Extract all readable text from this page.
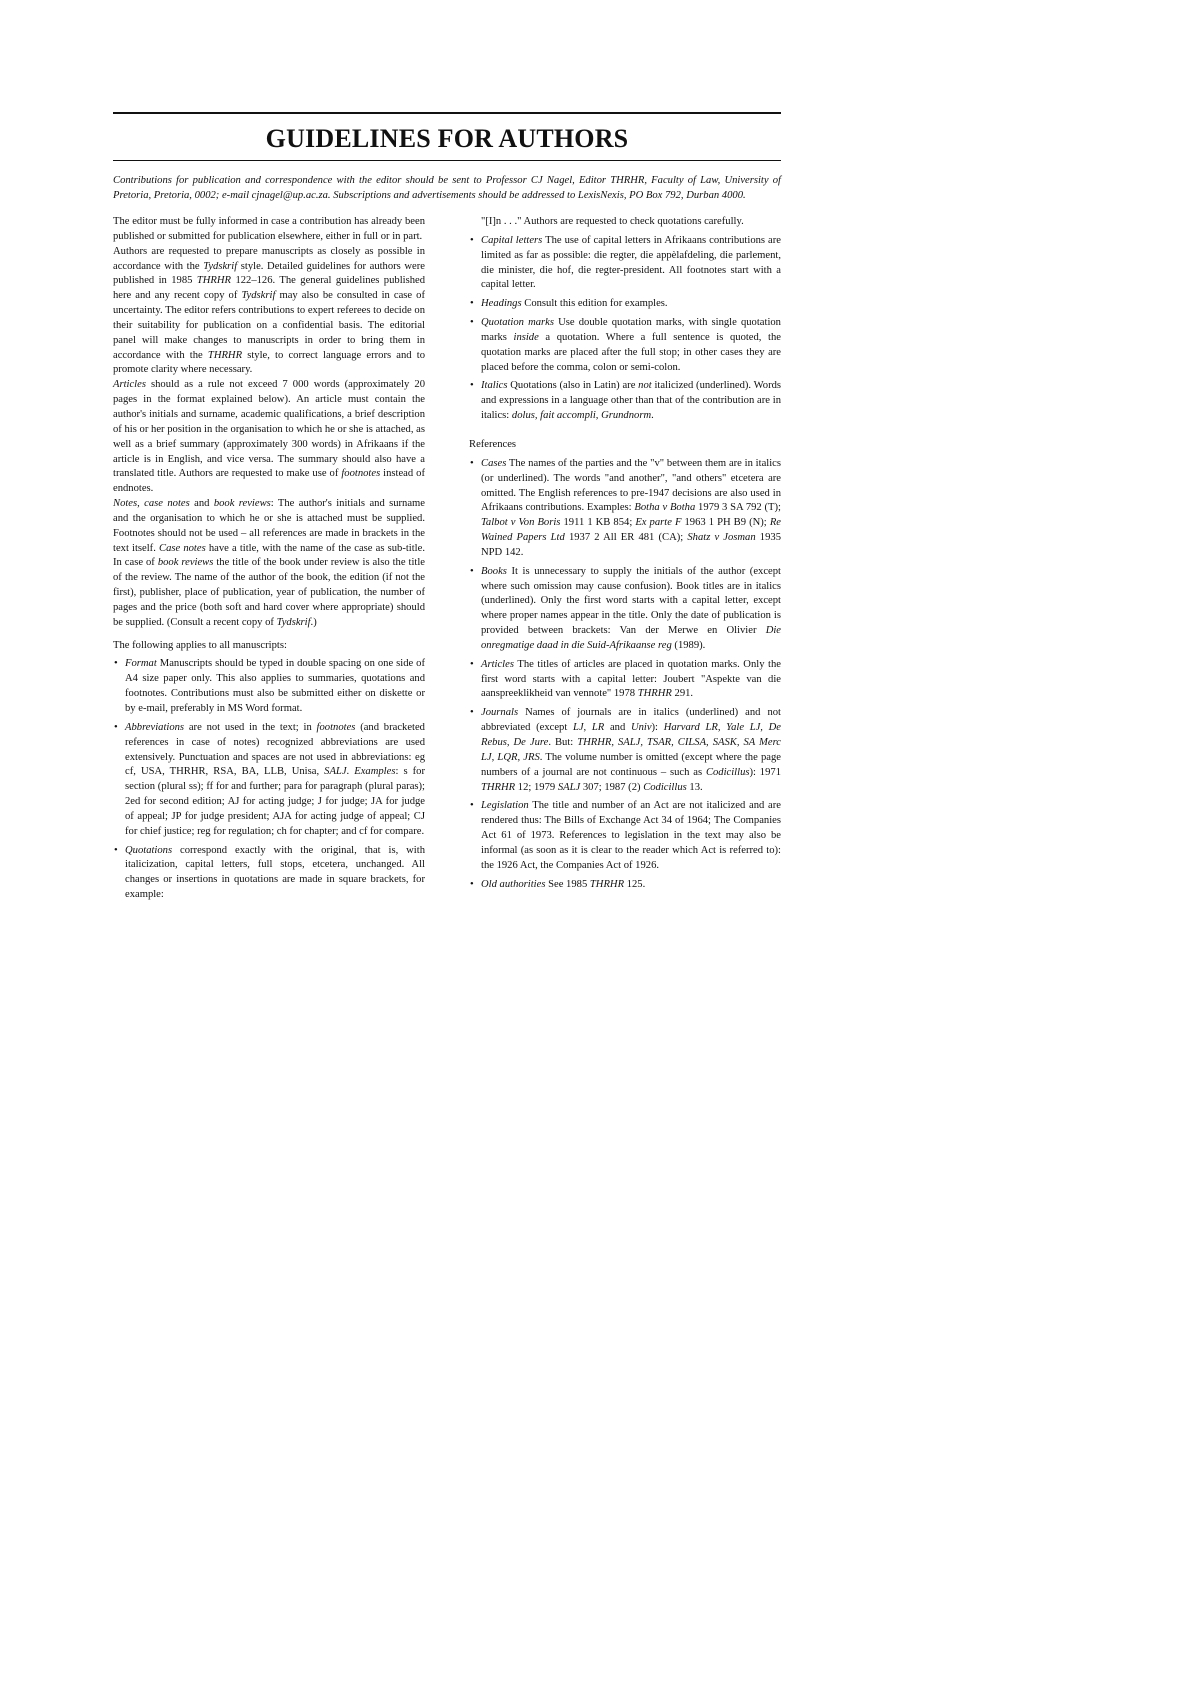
GUIDELINES FOR AUTHORS
Contributions for publication and correspondence with the editor should be sent to Professor CJ Nagel, Editor THRHR, Faculty of Law, University of Pretoria, Pretoria, 0002; e-mail cjnagel@up.ac.za. Subscriptions and advertisements should be addressed to LexisNexis, PO Box 792, Durban 4000.

The editor must be fully informed in case a contribution has already been published or submitted for publication elsewhere, either in full or in part.

Authors are requested to prepare manuscripts as closely as possible in accordance with the Tydskrif style. Detailed guidelines for authors were published in 1985 THRHR 122–126. The general guidelines published here and any recent copy of Tydskrif may also be consulted in case of uncertainty. The editor refers contributions to expert referees to decide on their suitability for publication on a confidential basis. The editorial panel will make changes to manuscripts in order to bring them in accordance with the THRHR style, to correct language errors and to promote clarity where necessary.

Articles should as a rule not exceed 7 000 words (approximately 20 pages in the format explained below). An article must contain the author's initials and surname, academic qualifications, a brief description of his or her position in the organisation to which he or she is attached, as well as a brief summary (approximately 300 words) in Afrikaans if the article is in English, and vice versa. The summary should also have a translated title. Authors are requested to make use of footnotes instead of endnotes.

Notes, case notes and book reviews: The author's initials and surname and the organisation to which he or she is attached must be supplied. Footnotes should not be used – all references are made in brackets in the text itself. Case notes have a title, with the name of the case as sub-title. In case of book reviews the title of the book under review is also the title of the review. The name of the author of the book, the edition (if not the first), publisher, place of publication, year of publication, the number of pages and the price (both soft and hard cover where appropriate) should be supplied. (Consult a recent copy of Tydskrif.)

The following applies to all manuscripts:

• Format Manuscripts should be typed in double spacing on one side of A4 size paper only. This also applies to summaries, quotations and footnotes. Contributions must also be submitted either on diskette or by e-mail, preferably in MS Word format.
• Abbreviations are not used in the text; in footnotes (and bracketed references in case of notes) recognized abbreviations are used extensively. Punctuation and spaces are not used in abbreviations: eg cf, USA, THRHR, RSA, BA, LLB, Unisa, SALJ. Examples: s for section (plural ss); ff for and further; para for paragraph (plural paras); 2ed for second edition; AJ for acting judge; J for judge; JA for judge of appeal; JP for judge president; AJA for acting judge of appeal; CJ for chief justice; reg for regulation; ch for chapter; and cf for compare.
• Quotations correspond exactly with the original, that is, with italicization, capital letters, full stops, etcetera, unchanged. All changes or insertions in quotations are made in square brackets, for example:
"[I]n . . ." Authors are requested to check quotations carefully.
• Capital letters The use of capital letters in Afrikaans contributions are limited as far as possible: die regter, die appèlafdeling, die parlement, die minister, die hof, die regter-president. All footnotes start with a capital letter.
• Headings Consult this edition for examples.
• Quotation marks Use double quotation marks, with single quotation marks inside a quotation. Where a full sentence is quoted, the quotation marks are placed after the full stop; in other cases they are placed before the comma, colon or semi-colon.
• Italics Quotations (also in Latin) are not italicized (underlined). Words and expressions in a language other than that of the contribution are in italics: dolus, fait accompli, Grundnorm.
References
• Cases The names of the parties and the "v" between them are in italics (or underlined). The words "and another", "and others" etcetera are omitted. The English references to pre-1947 decisions are also used in Afrikaans contributions. Examples: Botha v Botha 1979 3 SA 792 (T); Talbot v Von Boris 1911 1 KB 854; Ex parte F 1963 1 PH B9 (N); Re Wained Papers Ltd 1937 2 All ER 481 (CA); Shatz v Josman 1935 NPD 142.
• Books It is unnecessary to supply the initials of the author (except where such omission may cause confusion). Book titles are in italics (underlined). Only the first word starts with a capital letter, except where proper names appear in the title. Only the date of publication is provided between brackets: Van der Merwe en Olivier Die onregmatige daad in die Suid-Afrikaanse reg (1989).
• Articles The titles of articles are placed in quotation marks. Only the first word starts with a capital letter: Joubert "Aspekte van die aanspreeklikheid van vennote" 1978 THRHR 291.
• Journals Names of journals are in italics (underlined) and not abbreviated (except LJ, LR and Univ): Harvard LR, Yale LJ, De Rebus, De Jure. But: THRHR, SALJ, TSAR, CILSA, SASK, SA Merc LJ, LQR, JRS. The volume number is omitted (except where the page numbers of a journal are not continuous – such as Codicillus): 1971 THRHR 12; 1979 SALJ 307; 1987 (2) Codicillus 13.
• Legislation The title and number of an Act are not italicized and are rendered thus: The Bills of Exchange Act 34 of 1964; The Companies Act 61 of 1973. References to legislation in the text may also be informal (as soon as it is clear to the reader which Act is referred to): the 1926 Act, the Companies Act of 1926.
• Old authorities See 1985 THRHR 125.
